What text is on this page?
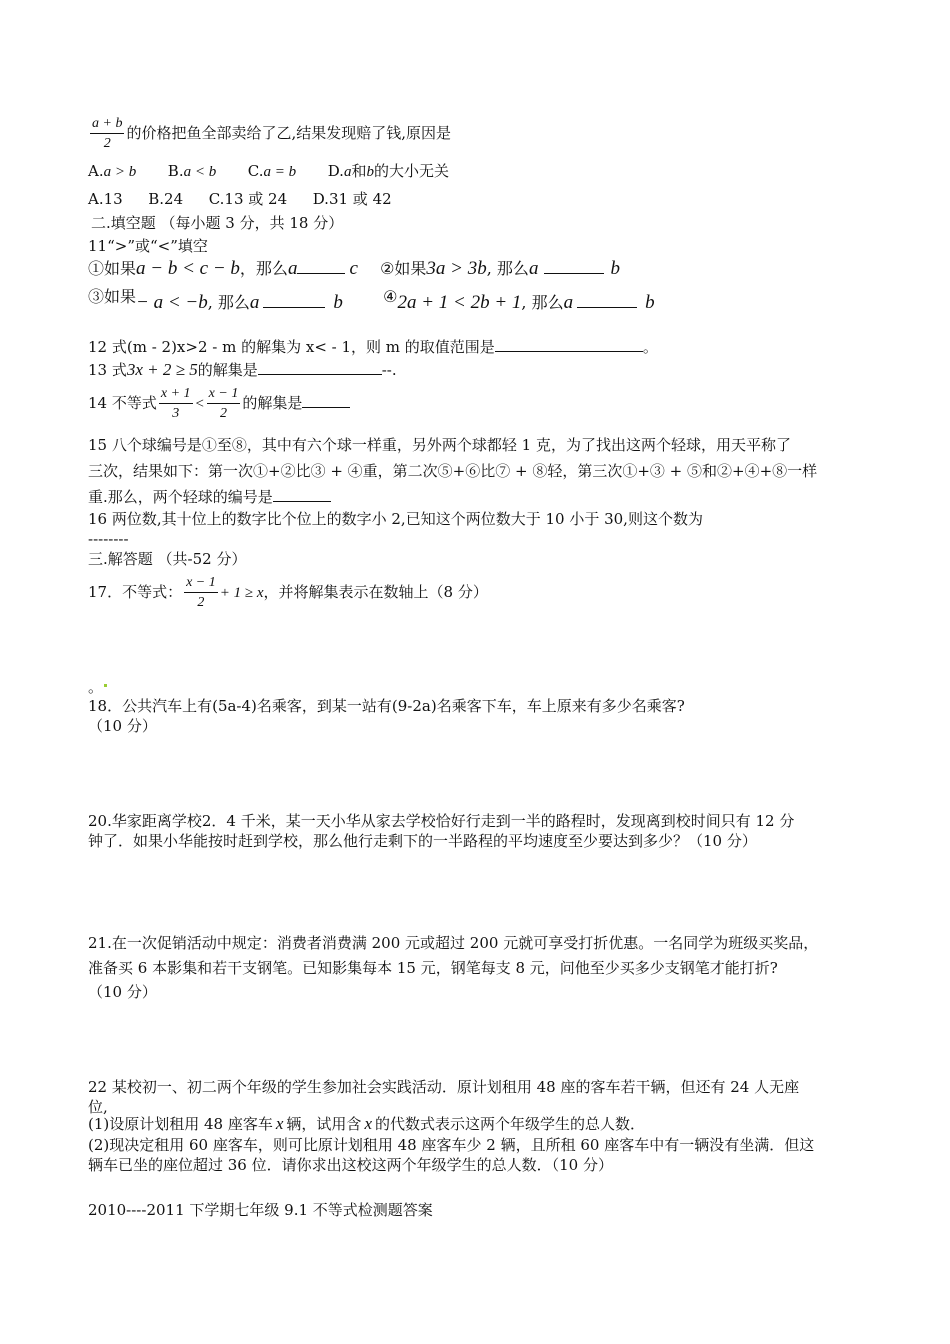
$\frac{a + b}{2}$ 的价格把鱼全部卖给了乙,结果发现赔了钱,原因是
A.a > b B.a < b C.a = b D.a和b的大小无关
A.13 B.24 C.13 或 24 D.31 或 42
二.填空题 （每小题 3 分，共 18 分）
11“>”或“<”填空
①如果a − b < c − b，那么a	c ②如果3a > 3b, 那么a	b
③如果− a < −b, 那么a	b	④2a + 1 < 2b + 1, 那么a	b
12 式(m - 2)x>2 - m 的解集为 x< - 1，则 m 的取值范围是	。
13 式3x + 2 ≥ 5的解集是	--.
14 不等式 $\frac{x + 1}{3} < \frac{x - 1}{2}$ 的解集是
15 八个球编号是①至⑧，其中有六个球一样重，另外两个球都轻 1 克，为了找出这两个轻球，用天平称了
三次，结果如下：第一次①+②比③ + ④重，第二次⑤+⑥比⑦ + ⑧轻，第三次①+③ + ⑤和②+④+⑧一样
重.那么，两个轻球的编号是
16 两位数,其十位上的数字比个位上的数字小 2,已知这个两位数大于 10 小于 30,则这个数为
--------
三.解答题 （共-52 分）
17．不等式： $\frac{x - 1}{2} + 1 \ge x$，并将解集表示在数轴上（8 分）
。
18．公共汽车上有(5a-4)名乘客，到某一站有(9-2a)名乘客下车，车上原来有多少名乘客?
（10 分）
20.华家距离学校2．4 千米，某一天小华从家去学校恰好行走到一半的路程时，发现离到校时间只有 12 分
钟了．如果小华能按时赶到学校，那么他行走剩下的一半路程的平均速度至少要达到多少？（10 分）
21.在一次促销活动中规定：消费者消费满 200 元或超过 200 元就可享受打折优惠。一名同学为班级买奖品，
准备买 6 本影集和若干支钢笔。已知影集每本 15 元，钢笔每支 8 元，问他至少买多少支钢笔才能打折?
（10 分）
22 某校初一、初二两个年级的学生参加社会实践活动．原计划租用 48 座的客车若干辆，但还有 24 人无座
位,
(1)设原计划租用 48 座客车 x 辆，试用含 x 的代数式表示这两个年级学生的总人数．
(2)现决定租用 60 座客车，则可比原计划租用 48 座客车少 2 辆，且所租 60 座客车中有一辆没有坐满．但这
辆车已坐的座位超过 36 位．请你求出这校这两个年级学生的总人数．（10 分）
2010----2011 下学期七年级 9.1 不等式检测题答案
